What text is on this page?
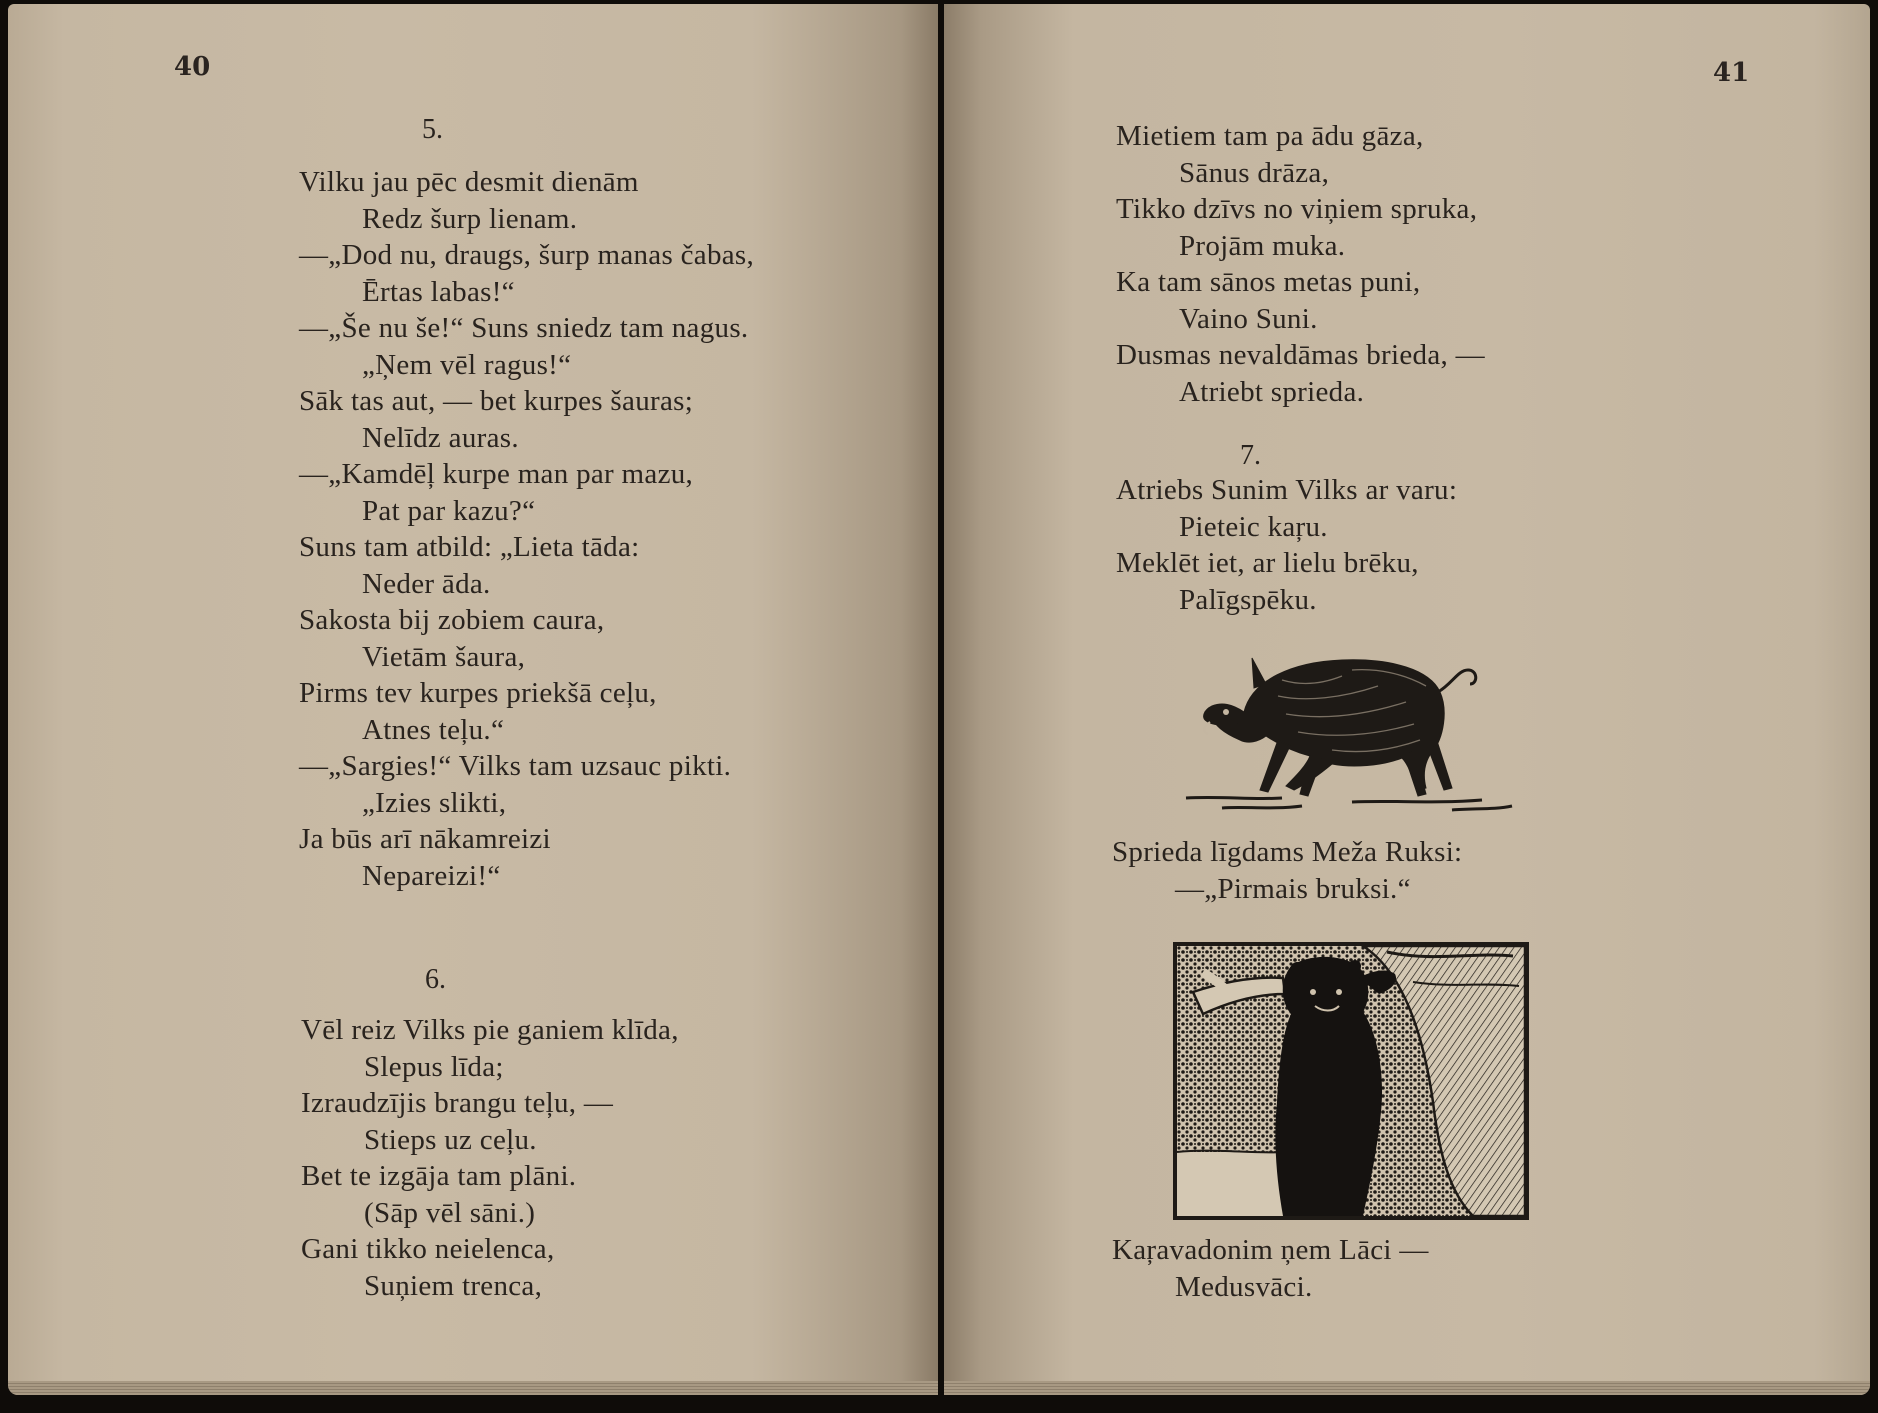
40
5.
Vilku jau pēc desmit dienām
Redz šurp lienam.
—„Dod nu, draugs, šurp manas čabas,
Ērtas labas!“
—„Še nu še!“ Suns sniedz tam nagus.
„Ņem vēl ragus!“
Sāk tas aut, — bet kurpes šauras;
Nelīdz auras.
—„Kamdēļ kurpe man par mazu,
Pat par kazu?“
Suns tam atbild: „Lieta tāda:
Neder āda.
Sakosta bij zobiem caura,
Vietām šaura,
Pirms tev kurpes priekšā ceļu,
Atnes teļu.“
—„Sargies!“ Vilks tam uzsauc pikti.
„Izies slikti,
Ja būs arī nākamreizi
Nepareizi!“
6.
Vēl reiz Vilks pie ganiem klīda,
Slepus līda;
Izraudzījis brangu teļu, —
Stieps uz ceļu.
Bet te izgāja tam plāni.
(Sāp vēl sāni.)
Gani tikko neielenca,
Suņiem trenca,
41
Mietiem tam pa ādu gāza,
Sānus drāza,
Tikko dzīvs no viņiem spruka,
Projām muka.
Ka tam sānos metas puni,
Vaino Suni.
Dusmas nevaldāmas brieda, —
Atriebt sprieda.
7.
Atriebs Sunim Vilks ar varu:
Pieteic kaŗu.
Meklēt iet, ar lielu brēku,
Palīgspēku.
Sprieda līgdams Meža Ruksi:
—„Pirmais bruksi.“
Kaŗavadonim ņem Lāci —
Medusvāci.
